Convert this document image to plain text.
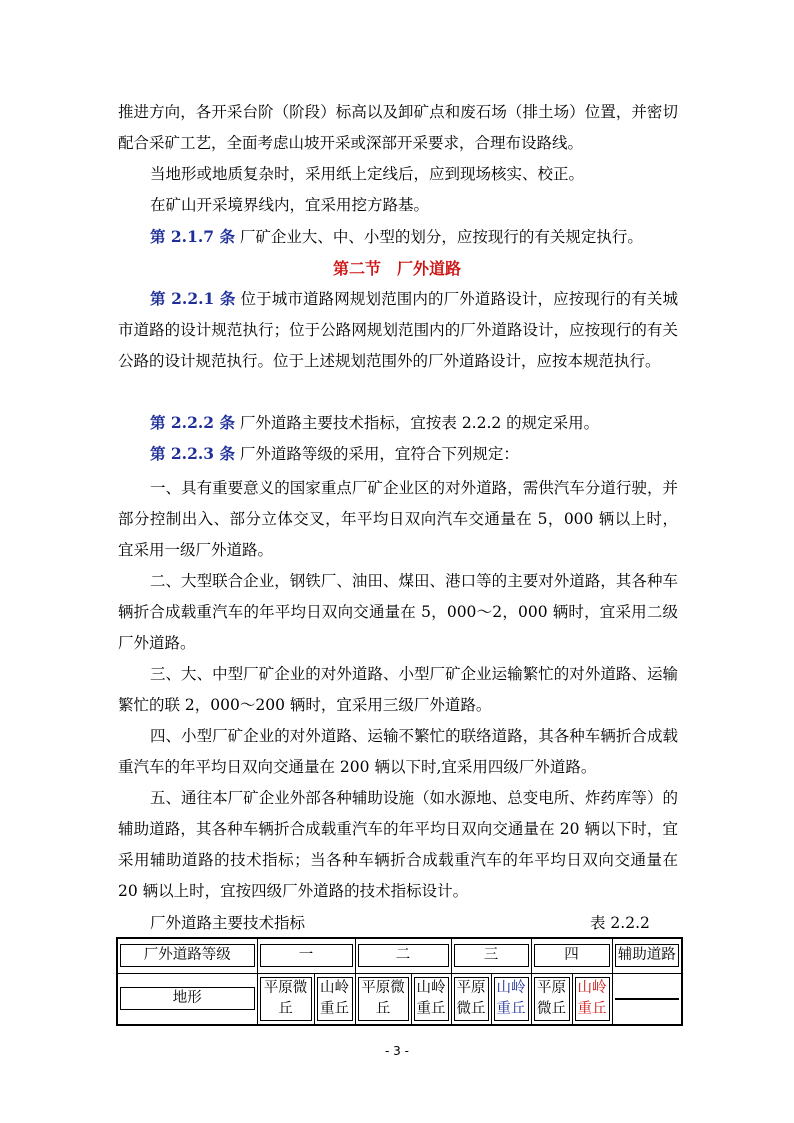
推进方向，各开采台阶（阶段）标高以及卸矿点和废石场（排土场）位置，并密切配合采矿工艺，全面考虑山坡开采或深部开采要求，合理布设路线。

当地形或地质复杂时，采用纸上定线后，应到现场核实、校正。

在矿山开采境界线内，宜采用挖方路基。

第 2.1.7 条 厂矿企业大、中、小型的划分，应按现行的有关规定执行。

第二节　厂外道路

第 2.2.1 条 位于城市道路网规划范围内的厂外道路设计，应按现行的有关城市道路的设计规范执行；位于公路网规划范围内的厂外道路设计，应按现行的有关公路的设计规范执行。位于上述规划范围外的厂外道路设计，应按本规范执行。

第 2.2.2 条 厂外道路主要技术指标，宜按表 2.2.2 的规定采用。

第 2.2.3 条 厂外道路等级的采用，宜符合下列规定：

一、具有重要意义的国家重点厂矿企业区的对外道路，需供汽车分道行驶，并部分控制出入、部分立体交叉，年平均日双向汽车交通量在 5，000 辆以上时，宜采用一级厂外道路。

二、大型联合企业，钢铁厂、油田、煤田、港口等的主要对外道路，其各种车辆折合成载重汽车的年平均日双向交通量在 5，000～2，000 辆时，宜采用二级厂外道路。

三、大、中型厂矿企业的对外道路、小型厂矿企业运输繁忙的对外道路、运输繁忙的联 2，000～200 辆时，宜采用三级厂外道路。

四、小型厂矿企业的对外道路、运输不繁忙的联络道路，其各种车辆折合成载重汽车的年平均日双向交通量在 200 辆以下时,宜采用四级厂外道路。

五、通往本厂矿企业外部各种辅助设施（如水源地、总变电所、炸药库等）的辅助道路，其各种车辆折合成载重汽车的年平均日双向交通量在 20 辆以下时，宜采用辅助道路的技术指标；当各种车辆折合成载重汽车的年平均日双向交通量在 20 辆以上时，宜按四级厂外道路的技术指标设计。

厂外道路主要技术指标	表 2.2.2
厂外道路等级	一		二		三		四		辅助道路

地形	平原微丘	山岭重丘	平原微丘	山岭重丘	平原微丘	山岭重丘	平原微丘	山岭重丘	

- 3 -
